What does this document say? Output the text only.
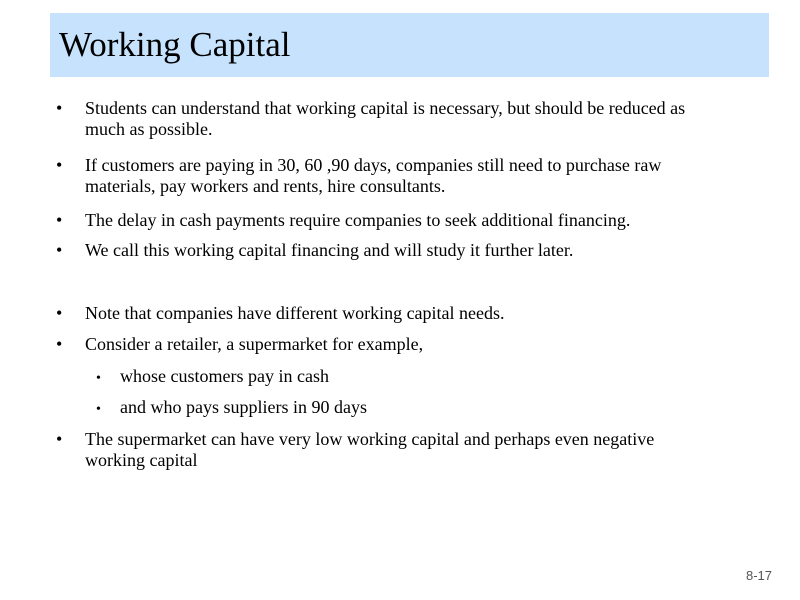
Working Capital
• Students can understand that working capital is necessary, but should be reduced as
much as possible.
• If customers are paying in 30, 60 ,90 days, companies still need to purchase raw
materials, pay workers and rents, hire consultants.
• The delay in cash payments require companies to seek additional financing.
• We call this working capital financing and will study it further later.
• Note that companies have different working capital needs.
• Consider a retailer, a supermarket for example,
• whose customers pay in cash
• and who pays suppliers in 90 days
• The supermarket can have very low working capital and perhaps even negative
working capital
8-17
